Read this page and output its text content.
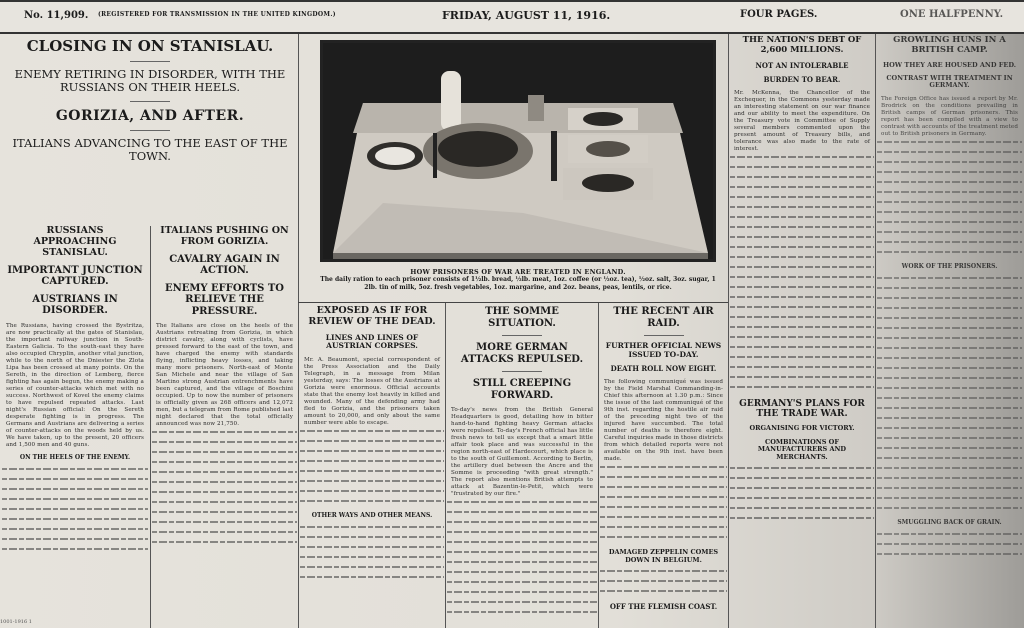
No. 11,909. (REGISTERED FOR TRANSMISSION IN THE UNITED KINGDOM.)	FRIDAY, AUGUST 11, 1916.	FOUR PAGES.	ONE HALFPENNY.
CLOSING IN ON STANISLAU.
ENEMY RETIRING IN DISORDER, WITH THE RUSSIANS ON THEIR HEELS.
GORIZIA, AND AFTER.
ITALIANS ADVANCING TO THE EAST OF THE TOWN.
RUSSIANS APPROACHING STANISLAU.
IMPORTANT JUNCTION CAPTURED.
AUSTRIANS IN DISORDER.
The Russians, having crossed the Bystritza, are now practically at the gates of Stanislau, the important railway junction in South-Eastern Galicia. To the south-east they have also occupied Chryplin, another vital junction, while to the north of the Dniester the Zlota Lipa has been crossed at many points. On the Sereth, in the direction of Lemberg, fierce fighting has again begun, the enemy making a series of counter-attacks which met with no success. Northwest of Kovel the enemy claims to have repulsed repeated attacks. Last night's Russian official: On the Sereth desperate fighting is in progress. The Germans and Austrians are delivering a series of counter-attacks on the woods held by us. We have taken, up to the present, 20 officers and 1,500 men and 40 guns.
ON THE HEELS OF THE ENEMY.
ITALIANS PUSHING ON FROM GORIZIA.
CAVALRY AGAIN IN ACTION.
ENEMY EFFORTS TO RELIEVE THE PRESSURE.
The Italians are close on the heels of the Austrians retreating from Gorizia, in which district cavalry, along with cyclists, have pressed forward to the east of the town, and have charged the enemy with standards flying, inflicting heavy losses, and taking many more prisoners. North-east of Monte San Michele and near the village of San Martino strong Austrian entrenchments have been captured, and the village of Boschini occupied. Up to now the number of prisoners is officially given as 268 officers and 12,072 men, but a telegram from Rome published last night declared that the total officially announced was now 21,750.
HOW PRISONERS OF WAR ARE TREATED IN ENGLAND.
The daily ration to each prisoner consists of 1½lb. bread, ½lb. meat, 1oz. coffee (or ½oz. tea), ½oz. salt, 3oz. sugar, 1 2lb. tin of milk, 5oz. fresh vegetables, 1oz. margarine, and 2oz. beans, peas, lentils, or rice.
EXPOSED AS IF FOR REVIEW OF THE DEAD.
LINES AND LINES OF AUSTRIAN CORPSES.
Mr. A. Beaumont, special correspondent of the Press Association and the Daily Telegraph, in a message from Milan yesterday, says: The losses of the Austrians at Gorizia were enormous. Official accounts state that the enemy lost heavily in killed and wounded. Many of the defending army had fled to Gorizia, and the prisoners taken amount to 20,000, and only about the same number were able to escape.
OTHER WAYS AND OTHER MEANS.
THE SOMME SITUATION.
MORE GERMAN ATTACKS REPULSED.
STILL CREEPING FORWARD.
To-day's news from the British General Headquarters is good, detailing how in bitter hand-to-hand fighting heavy German attacks were repulsed. To-day's French official has little fresh news to tell us except that a smart little affair took place and was successful in the region north-east of Hardecourt, which place is to the south of Guillemont. According to Berlin, the artillery duel between the Ancre and the Somme is proceeding "with great strength." The report also mentions British attempts to attack at Bazentin-le-Petit, which were "frustrated by our fire."
THE RECENT AIR RAID.
FURTHER OFFICIAL NEWS ISSUED TO-DAY.
DEATH ROLL NOW EIGHT.
The following communiqué was issued by the Field Marshal Commanding-in-Chief this afternoon at 1.30 p.m.: Since the issue of the last communiqué of the 9th inst. regarding the hostile air raid of the preceding night two of the injured have succumbed. The total number of deaths is therefore eight. Careful inquiries made in those districts from which detailed reports were not available on the 9th inst. have been made.
DAMAGED ZEPPELIN COMES DOWN IN BELGIUM.
OFF THE FLEMISH COAST.
THE NATION'S DEBT OF 2,600 MILLIONS.
NOT AN INTOLERABLE
BURDEN TO BEAR.
Mr. McKenna, the Chancellor of the Exchequer, in the Commons yesterday made an interesting statement on our war finance and our ability to meet the expenditure. On the Treasury vote in Committee of Supply several members commented upon the present amount of Treasury bills, and tolerance was also made to the rate of interest.
GERMANY'S PLANS FOR THE TRADE WAR.
ORGANISING FOR VICTORY.
COMBINATIONS OF MANUFACTURERS AND MERCHANTS.
GROWLING HUNS IN A BRITISH CAMP.
HOW THEY ARE HOUSED AND FED.
CONTRAST WITH TREATMENT IN GERMANY.
The Foreign Office has issued a report by Mr. Brodrick on the conditions prevailing in British camps of German prisoners. This report has been compiled with a view to contrast with accounts of the treatment meted out to British prisoners in Germany.
WORK OF THE PRISONERS.
SMUGGLING BACK OF GRAIN.
1001-1916 1
